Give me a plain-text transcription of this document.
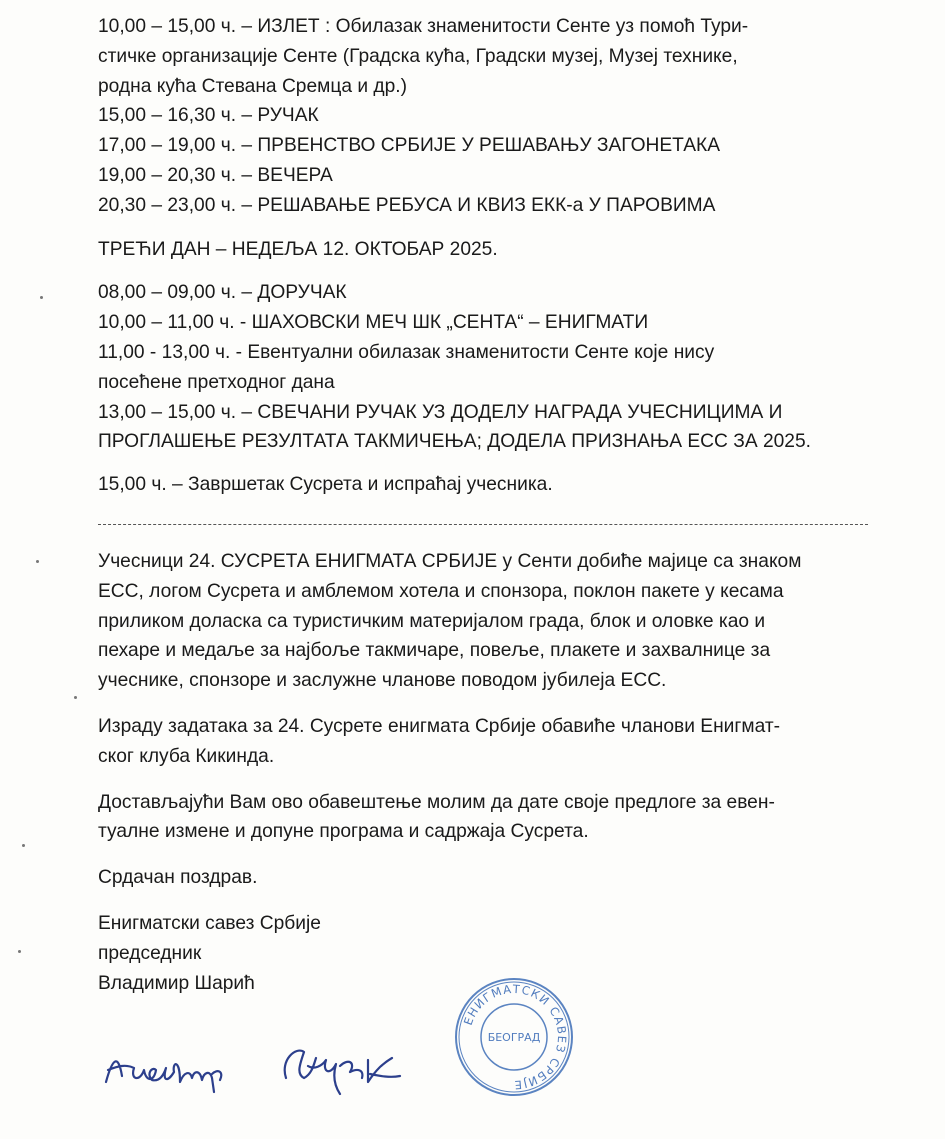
10,00 – 15,00 ч. – ИЗЛЕТ : Обилазак знаменитости Сенте уз помоћ Тури-

стичке организације Сенте (Градска кућа, Градски музеј, Музеј технике,

родна кућа Стевана Сремца и др.)

15,00 – 16,30 ч. – РУЧАК

17,00 – 19,00 ч. – ПРВЕНСТВО СРБИЈЕ У РЕШАВАЊУ ЗАГОНЕТАКА

19,00 – 20,30 ч. – ВЕЧЕРА

20,30 – 23,00 ч. – РЕШАВАЊЕ РЕБУСА И КВИЗ ЕКК-а У ПАРОВИМА

ТРЕЋИ ДАН – НЕДЕЉА 12. ОКТОБАР 2025.

08,00 – 09,00 ч. – ДОРУЧАК

10,00 – 11,00 ч. - ШАХОВСКИ МЕЧ ШК „СЕНТА“ – ЕНИГМАТИ

11,00 - 13,00 ч. - Евентуални обилазак знаменитости Сенте које нису

посећене претходног дана

13,00 – 15,00 ч. – СВЕЧАНИ РУЧАК УЗ ДОДЕЛУ НАГРАДА УЧЕСНИЦИМА И

ПРОГЛАШЕЊЕ РЕЗУЛТАТА ТАКМИЧЕЊА; ДОДЕЛА ПРИЗНАЊА ЕСС ЗА 2025.

15,00 ч. – Завршетак Сусрета и испраћај учесника.

Учесници 24. СУСРЕТА ЕНИГМАТА СРБИЈЕ у Сенти добиће мајице са знаком
ЕСС, логом Сусрета и амблемом хотела и спонзора, поклон пакете у кесама
приликом доласка са туристичким материјалом града, блок и оловке као и
пехаре и медаље за најбоље такмичаре, повеље, плакете и захвалнице за
учеснике, спонзоре и заслужне чланове поводом јубилеја ЕСС.
Израду задатака за 24. Сусрете енигмата Србије обавиће чланови Енигмат-
ског клуба Кикинда.
Достављајући Вам ово обавештење молим да дате своје предлоге за евен-
туалне измене и допуне програма и садржаја Сусрета.
Срдачан поздрав.

Енигматски савез Србије

председник

Владимир Шарић

ЕНИГМАТСКИ САВЕЗ СРБИЈЕ
БЕОГРАД
